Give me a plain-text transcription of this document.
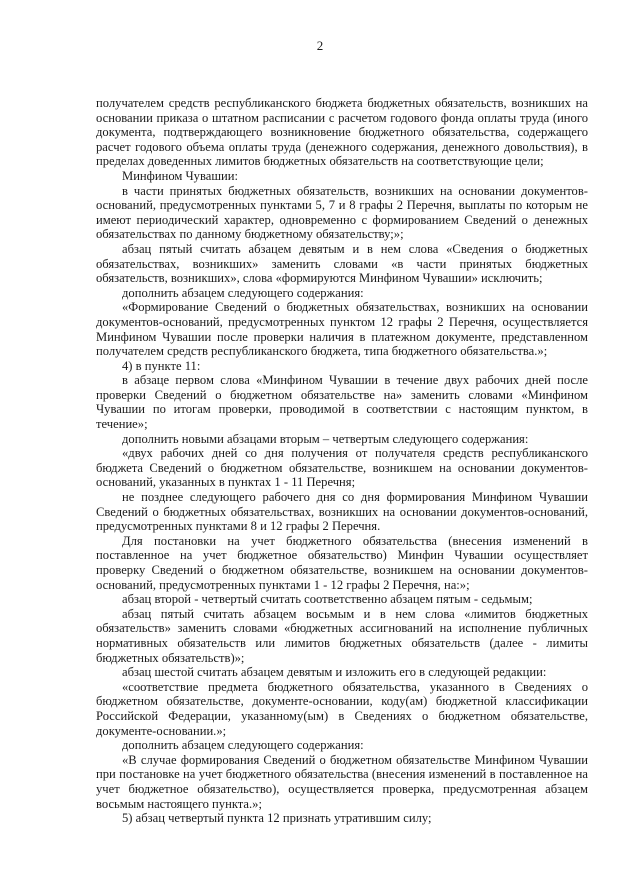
2

получателем средств республиканского бюджета бюджетных обязательств, возникших на основании приказа о штатном расписании с расчетом годового фонда оплаты труда (иного документа, подтверждающего возникновение бюджетного обязательства, содержащего расчет годового объема оплаты труда (денежного содержания, денежного довольствия), в пределах доведенных лимитов бюджетных обязательств на соответствующие цели;

Минфином Чувашии:

в части принятых бюджетных обязательств, возникших на основании документов-оснований, предусмотренных пунктами 5, 7 и 8 графы 2 Перечня, выплаты по которым не имеют периодический характер, одновременно с формированием Сведений о денежных обязательствах по данному бюджетному обязательству;»;

абзац пятый считать абзацем девятым и в нем слова «Сведения о бюджетных обязательствах, возникших» заменить словами «в части принятых бюджетных обязательств, возникших», слова «формируются Минфином Чувашии» исключить;

дополнить абзацем следующего содержания:

«Формирование Сведений о бюджетных обязательствах, возникших на основании документов-оснований, предусмотренных пунктом 12 графы 2 Перечня, осуществляется Минфином Чувашии после проверки наличия в платежном документе, представленном получателем средств республиканского бюджета, типа бюджетного обязательства.»;

4) в пункте 11:

в абзаце первом слова «Минфином Чувашии в течение двух рабочих дней после проверки Сведений о бюджетном обязательстве на» заменить словами «Минфином Чувашии по итогам проверки, проводимой в соответствии с настоящим пунктом, в течение»;

дополнить новыми абзацами вторым – четвертым следующего содержания:

«двух рабочих дней со дня получения от получателя средств республиканского бюджета Сведений о бюджетном обязательстве, возникшем на основании документов-оснований, указанных в пунктах 1 - 11 Перечня;

не позднее следующего рабочего дня со дня формирования Минфином Чувашии Сведений о бюджетных обязательствах, возникших на основании документов-оснований, предусмотренных пунктами 8 и 12 графы 2 Перечня.

Для постановки на учет бюджетного обязательства (внесения изменений в поставленное на учет бюджетное обязательство) Минфин Чувашии осуществляет проверку Сведений о бюджетном обязательстве, возникшем на основании документов-оснований, предусмотренных пунктами 1 - 12 графы 2 Перечня, на:»;

абзац второй - четвертый считать соответственно абзацем пятым - седьмым;

абзац пятый считать абзацем восьмым и в нем слова «лимитов бюджетных обязательств» заменить словами «бюджетных ассигнований на исполнение публичных нормативных обязательств или лимитов бюджетных обязательств (далее - лимиты бюджетных обязательств)»;

абзац шестой считать абзацем девятым и изложить его в следующей редакции:

«соответствие предмета бюджетного обязательства, указанного в Сведениях о бюджетном обязательстве, документе-основании, коду(ам) бюджетной классификации Российской Федерации, указанному(ым) в Сведениях о бюджетном обязательстве, документе-основании.»;

дополнить абзацем следующего содержания:

«В случае формирования Сведений о бюджетном обязательстве Минфином Чувашии при постановке на учет бюджетного обязательства (внесения изменений в поставленное на учет бюджетное обязательство), осуществляется проверка, предусмотренная абзацем восьмым настоящего пункта.»;

5) абзац четвертый пункта 12 признать утратившим силу;
